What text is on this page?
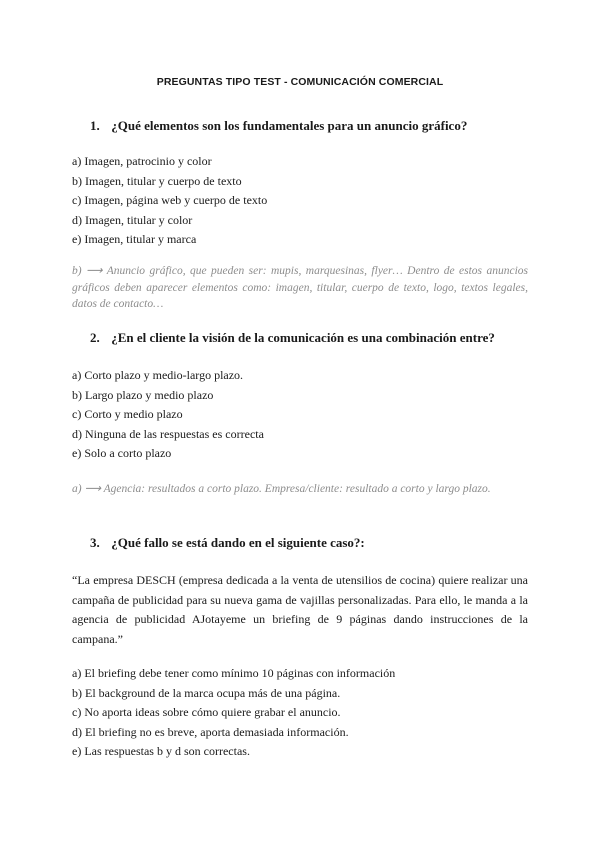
PREGUNTAS TIPO TEST - COMUNICACIÓN COMERCIAL
1. ¿Qué elementos son los fundamentales para un anuncio gráfico?
a) Imagen, patrocinio y color
b) Imagen, titular y cuerpo de texto
c) Imagen, página web y cuerpo de texto
d) Imagen, titular y color
e) Imagen, titular y marca
b) ⟶ Anuncio gráfico, que pueden ser: mupis, marquesinas, flyer… Dentro de estos anuncios gráficos deben aparecer elementos como: imagen, titular, cuerpo de texto, logo, textos legales, datos de contacto…
2. ¿En el cliente la visión de la comunicación es una combinación entre?
a) Corto plazo y medio-largo plazo.
b) Largo plazo y medio plazo
c) Corto y medio plazo
d) Ninguna de las respuestas es correcta
e) Solo a corto plazo
a) ⟶ Agencia: resultados a corto plazo. Empresa/cliente: resultado a corto y largo plazo.
3. ¿Qué fallo se está dando en el siguiente caso?:
“La empresa DESCH (empresa dedicada a la venta de utensilios de cocina) quiere realizar una campaña de publicidad para su nueva gama de vajillas personalizadas. Para ello, le manda a la agencia de publicidad AJotayeme un briefing de 9 páginas dando instrucciones de la campana.”
a) El briefing debe tener como mínimo 10 páginas con información
b) El background de la marca ocupa más de una página.
c) No aporta ideas sobre cómo quiere grabar el anuncio.
d) El briefing no es breve, aporta demasiada información.
e) Las respuestas b y d son correctas.
